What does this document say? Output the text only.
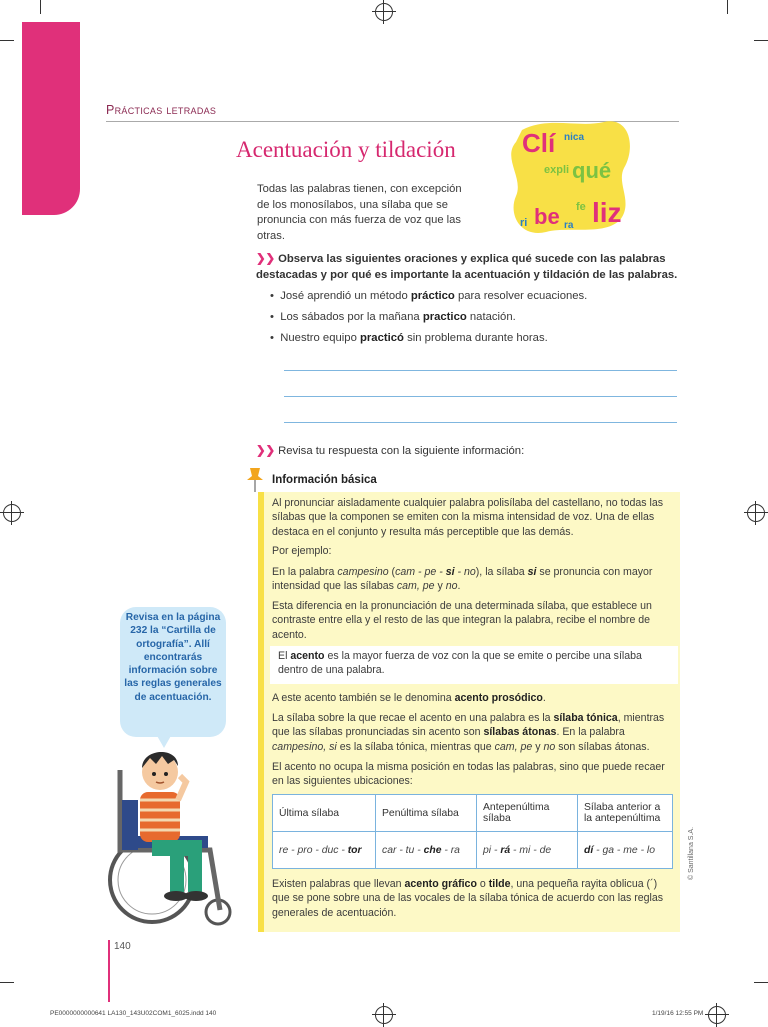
Prácticas letradas
Acentuación y tildación	Clí nica
expli qué
fe liz
ri be ra
Todas las palabras tienen, con excepción de los monosílabos, una sílaba que se pronuncia con más fuerza de voz que las otras.
❯❯ Observa las siguientes oraciones y explica qué sucede con las palabras destacadas y por qué es importante la acentuación y tildación de las palabras.
•  José aprendió un método práctico para resolver ecuaciones.
•  Los sábados por la mañana practico natación.
•  Nuestro equipo practicó sin problema durante horas.
❯❯ Revisa tu respuesta con la siguiente información:
Información básica
Al pronunciar aisladamente cualquier palabra polisílaba del castellano, no todas las sílabas que la componen se emiten con la misma intensidad de voz. Una de ellas destaca en el conjunto y resulta más perceptible que las demás.
Por ejemplo:
En la palabra campesino (cam - pe - si - no), la sílaba si se pronuncia con mayor intensidad que las sílabas cam, pe y no.
Esta diferencia en la pronunciación de una determinada sílaba, que establece un contraste entre ella y el resto de las que integran la palabra, recibe el nombre de acento.
El acento es la mayor fuerza de voz con la que se emite o percibe una sílaba dentro de una palabra.
A este acento también se le denomina acento prosódico.
La sílaba sobre la que recae el acento en una palabra es la sílaba tónica, mientras que las sílabas pronunciadas sin acento son sílabas átonas. En la palabra campesino, si es la sílaba tónica, mientras que cam, pe y no son sílabas átonas.
El acento no ocupa la misma posición en todas las palabras, sino que puede recaer en las siguientes ubicaciones:
Última sílaba	Penúltima sílaba	Antepenúltima sílaba	Sílaba anterior a la antepenúltima
re - pro - duc - tor	car - tu - che - ra	pi - rá - mi - de	dí - ga - me - lo
Existen palabras que llevan acento gráfico o tilde, una pequeña rayita oblicua (´) que se pone sobre una de las vocales de la sílaba tónica de acuerdo con las reglas generales de acentuación.
Revisa en la página 232 la “Cartilla de ortografía”. Allí encontrarás información sobre las reglas generales de acentuación.
140
© Santillana S.A.
PE0000000000641 LA130_143U02COM1_6025.indd 140	1/19/16 12:55 PM
